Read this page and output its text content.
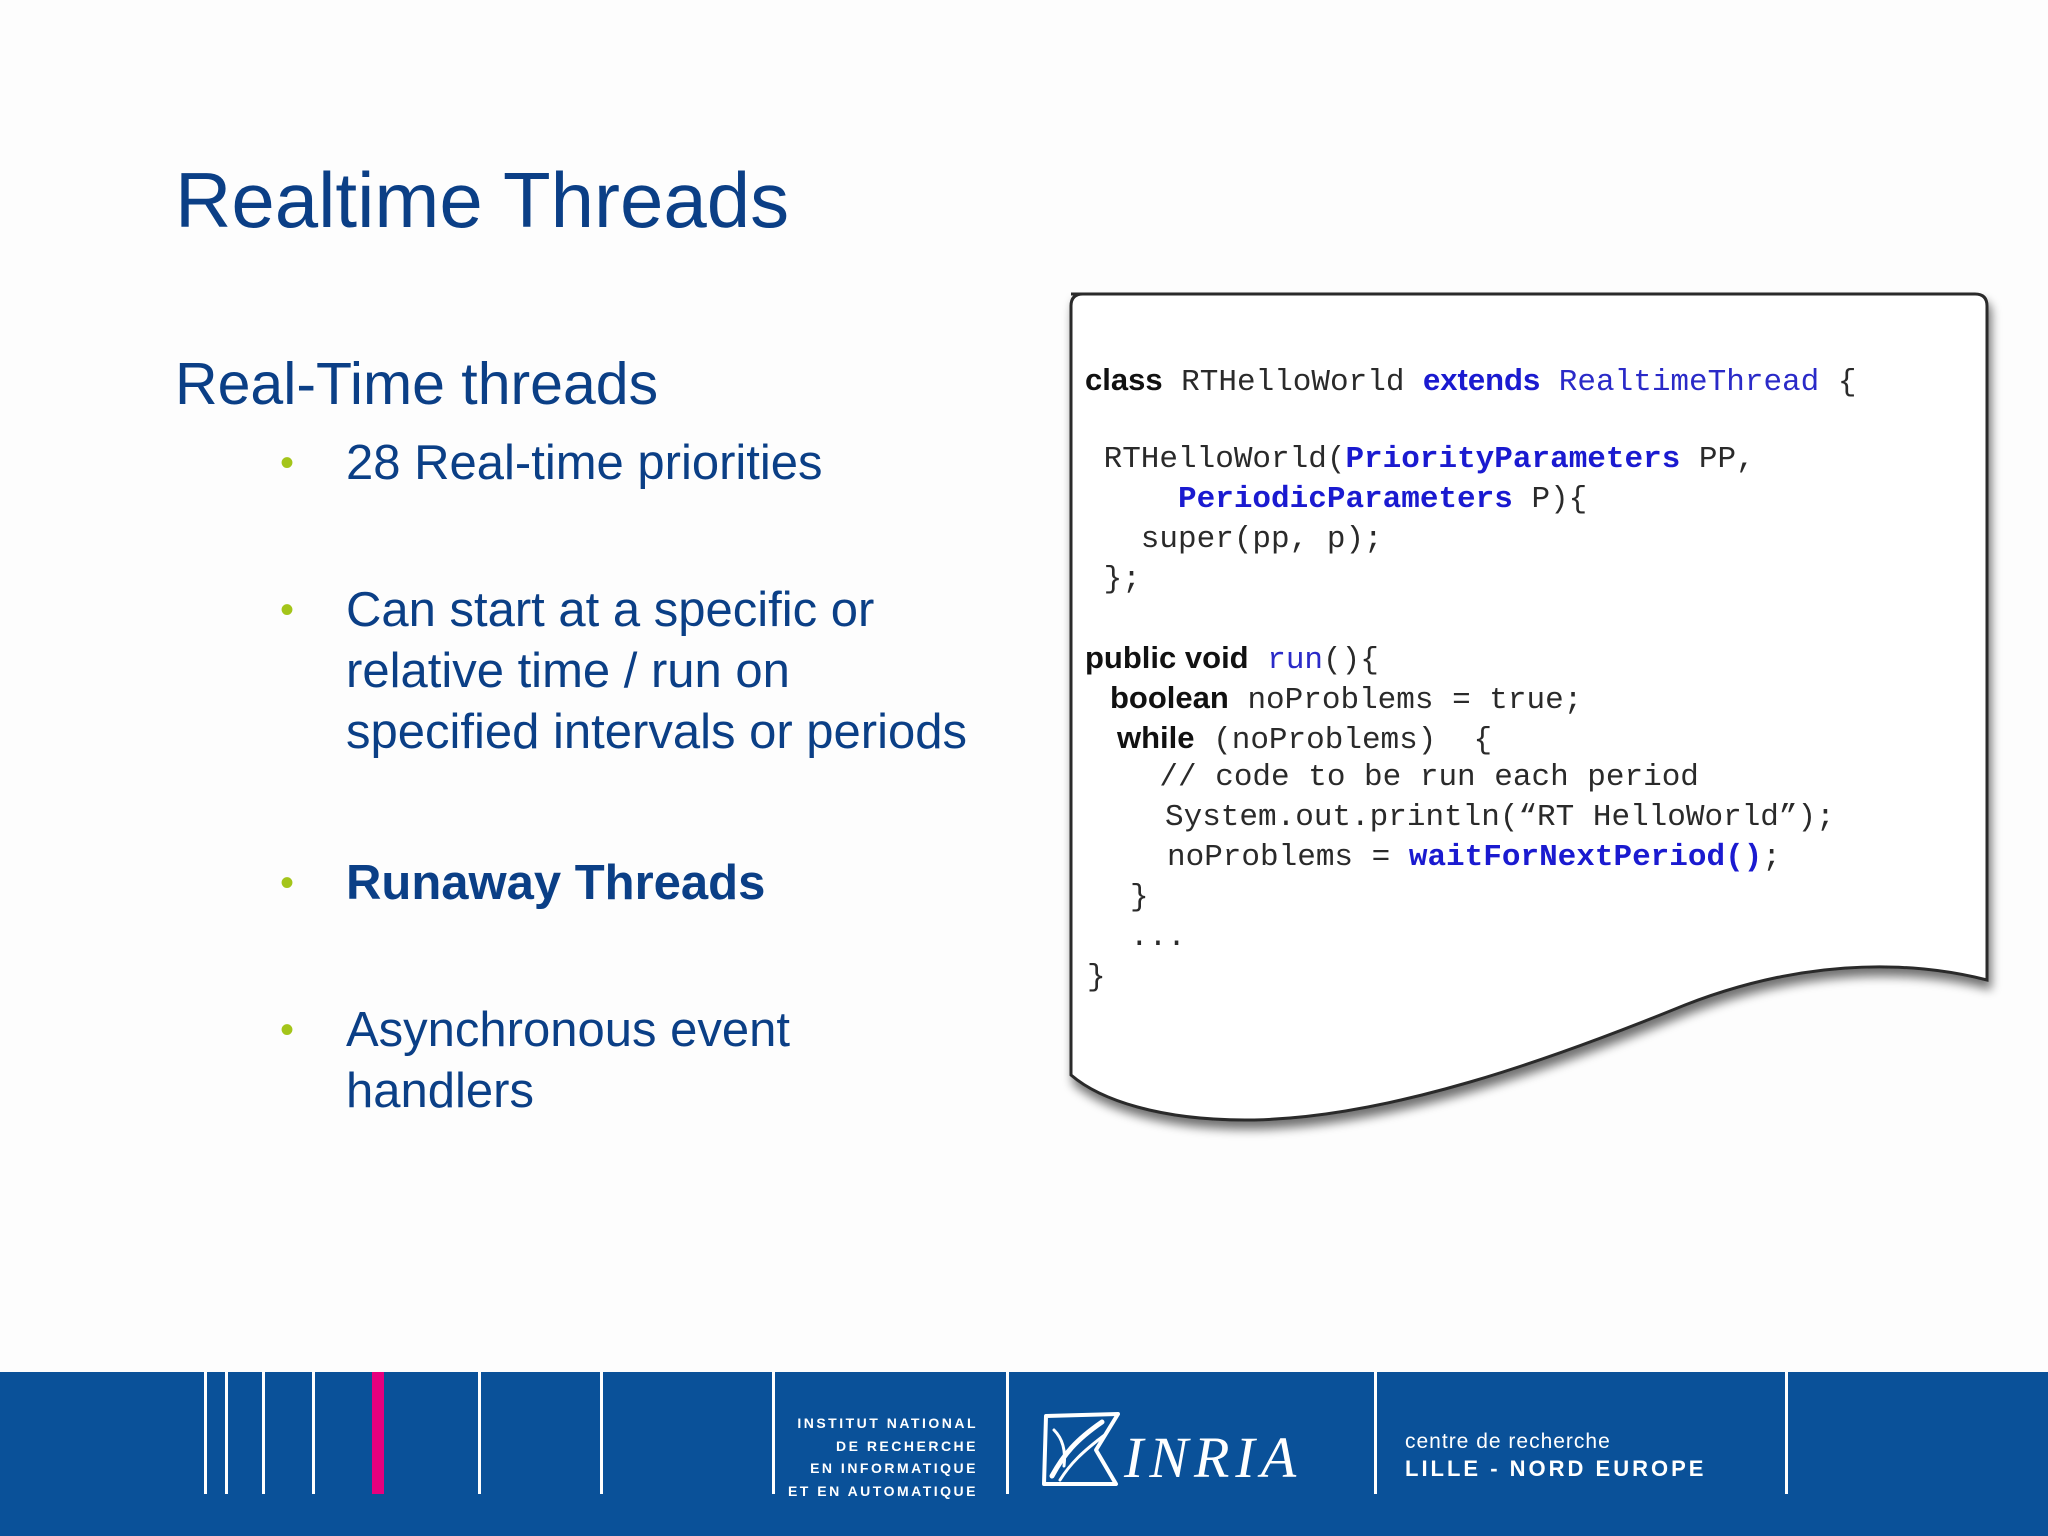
Realtime Threads
Real-Time threads
• 28 Real-time priorities
• Can start at a specific or
relative time / run on
specified intervals or periods
• Runaway Threads
• Asynchronous event
handlers
class RTHelloWorld extends RealtimeThread {
RTHelloWorld(PriorityParameters PP,
PeriodicParameters P){
super(pp, p);
};
public void run(){
boolean noProblems = true;
while (noProblems)  {
// code to be run each period
System.out.println(“RT HelloWorld”);
noProblems = waitForNextPeriod();
}
...
}
INSTITUT NATIONAL
DE RECHERCHE
EN INFORMATIQUE
ET EN AUTOMATIQUE
INRIA	centre de recherche
LILLE - NORD EUROPE
